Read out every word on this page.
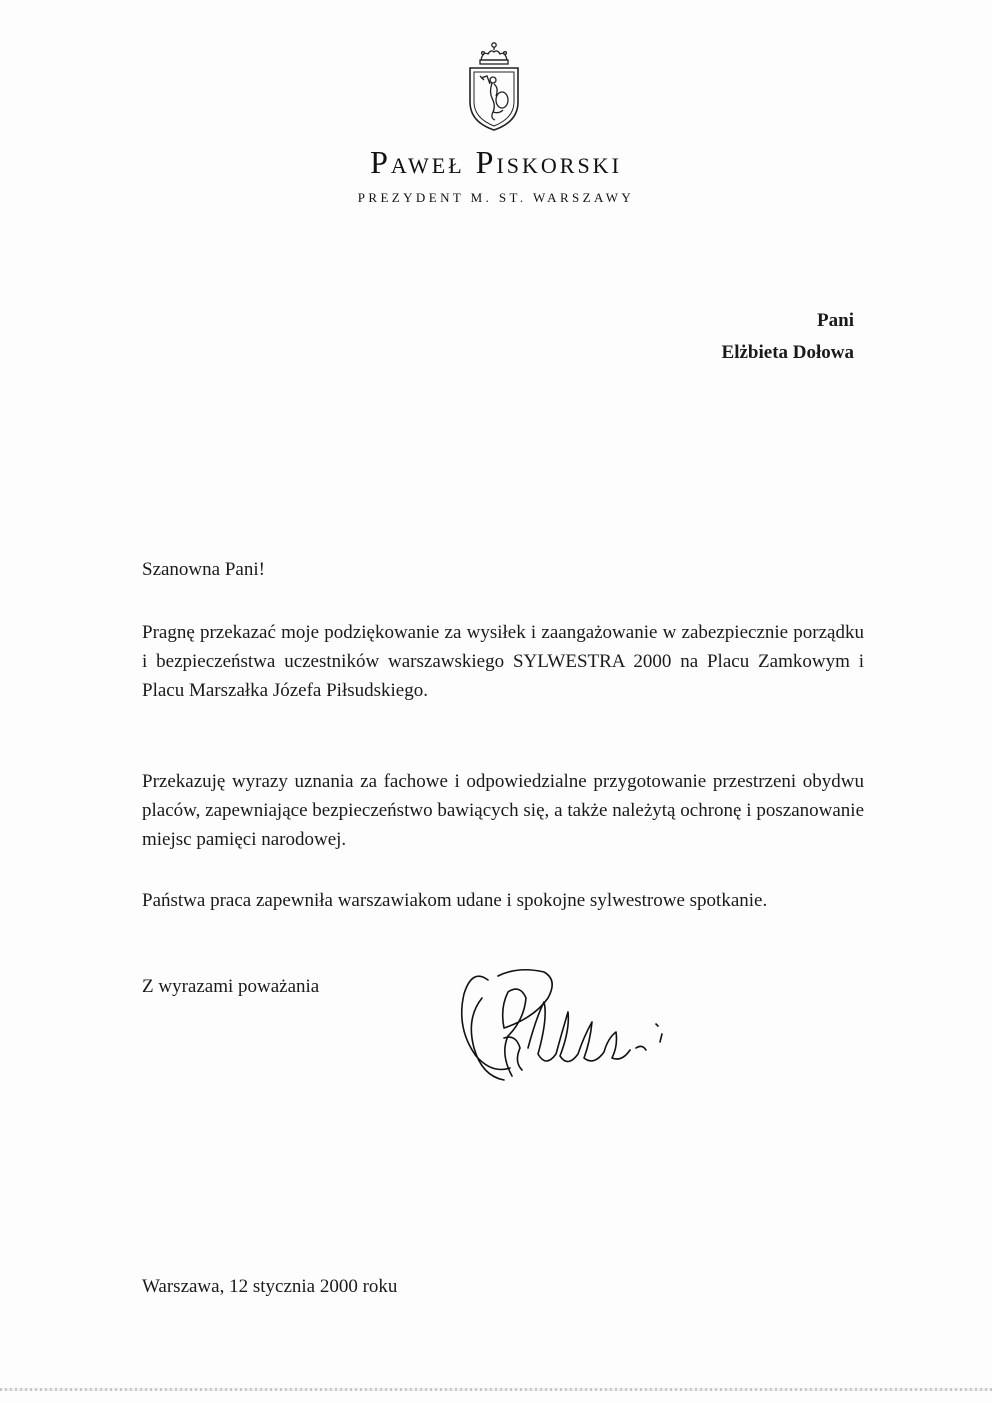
Paweł Piskorski
PREZYDENT M. ST. WARSZAWY
Pani
Elżbieta Dołowa
Szanowna Pani!
Pragnę przekazać moje podziękowanie za wysiłek i zaangażowanie w zabezpiecznie porządku i bezpieczeństwa uczestników warszawskiego SYLWESTRA 2000 na Placu Zamkowym i Placu Marszałka Józefa Piłsudskiego.
Przekazuję wyrazy uznania za fachowe i odpowiedzialne przygotowanie przestrzeni obydwu placów, zapewniające bezpieczeństwo bawiących się, a także należytą ochronę i poszanowanie miejsc pamięci narodowej.
Państwa praca zapewniła warszawiakom udane i spokojne sylwestrowe spotkanie.
Z wyrazami poważania
Warszawa, 12 stycznia 2000 roku
